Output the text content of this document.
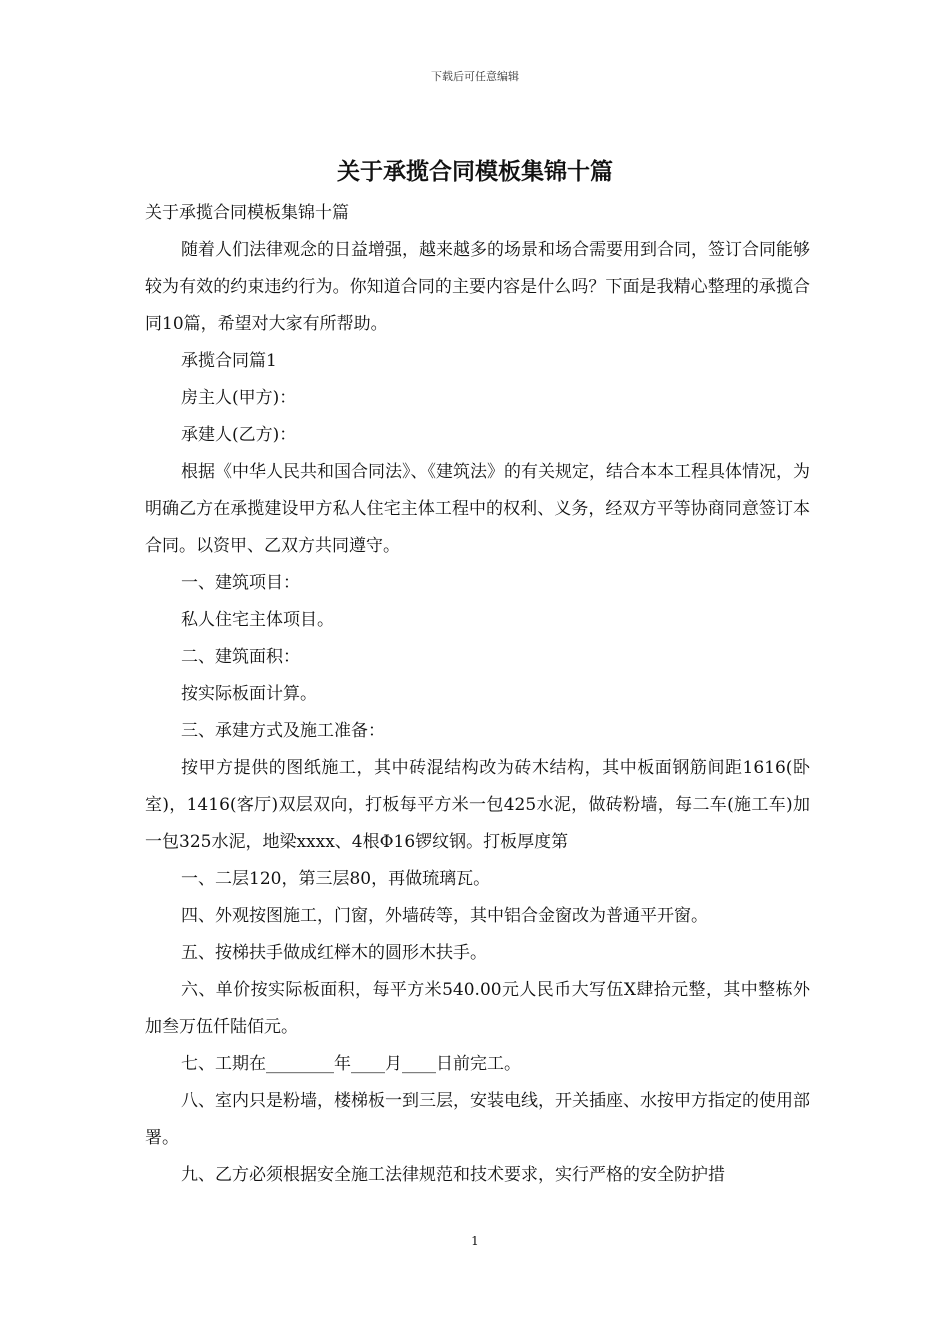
下载后可任意编辑
关于承揽合同模板集锦十篇

关于承揽合同模板集锦十篇

随着人们法律观念的日益增强，越来越多的场景和场合需要用到合同，签订合同能够较为有效的约束违约行为。你知道合同的主要内容是什么吗？下面是我精心整理的承揽合同10篇，希望对大家有所帮助。

承揽合同篇1

房主人(甲方)：

承建人(乙方)：

根据《中华人民共和国合同法》、《建筑法》的有关规定，结合本本工程具体情况，为明确乙方在承揽建设甲方私人住宅主体工程中的权利、义务，经双方平等协商同意签订本合同。以资甲、乙双方共同遵守。

一、建筑项目：

私人住宅主体项目。

二、建筑面积：

按实际板面计算。

三、承建方式及施工准备：

按甲方提供的图纸施工，其中砖混结构改为砖木结构，其中板面钢筋间距1616(卧室)，1416(客厅)双层双向，打板每平方米一包425水泥，做砖粉墙，每二车(施工车)加一包325水泥，地梁xxxx、4根Φ16锣纹钢。打板厚度第

一、二层120，第三层80，再做琉璃瓦。

四、外观按图施工，门窗，外墙砖等，其中铝合金窗改为普通平开窗。

五、按梯扶手做成红榉木的圆形木扶手。

六、单价按实际板面积，每平方米540.00元人民币大写伍Ⅹ肆拾元整，其中整栋外加叁万伍仟陆佰元。

七、工期在________年____月____日前完工。

八、室内只是粉墙，楼梯板一到三层，安装电线，开关插座、水按甲方指定的使用部署。

九、乙方必须根据安全施工法律规范和技术要求，实行严格的安全防护措

1
